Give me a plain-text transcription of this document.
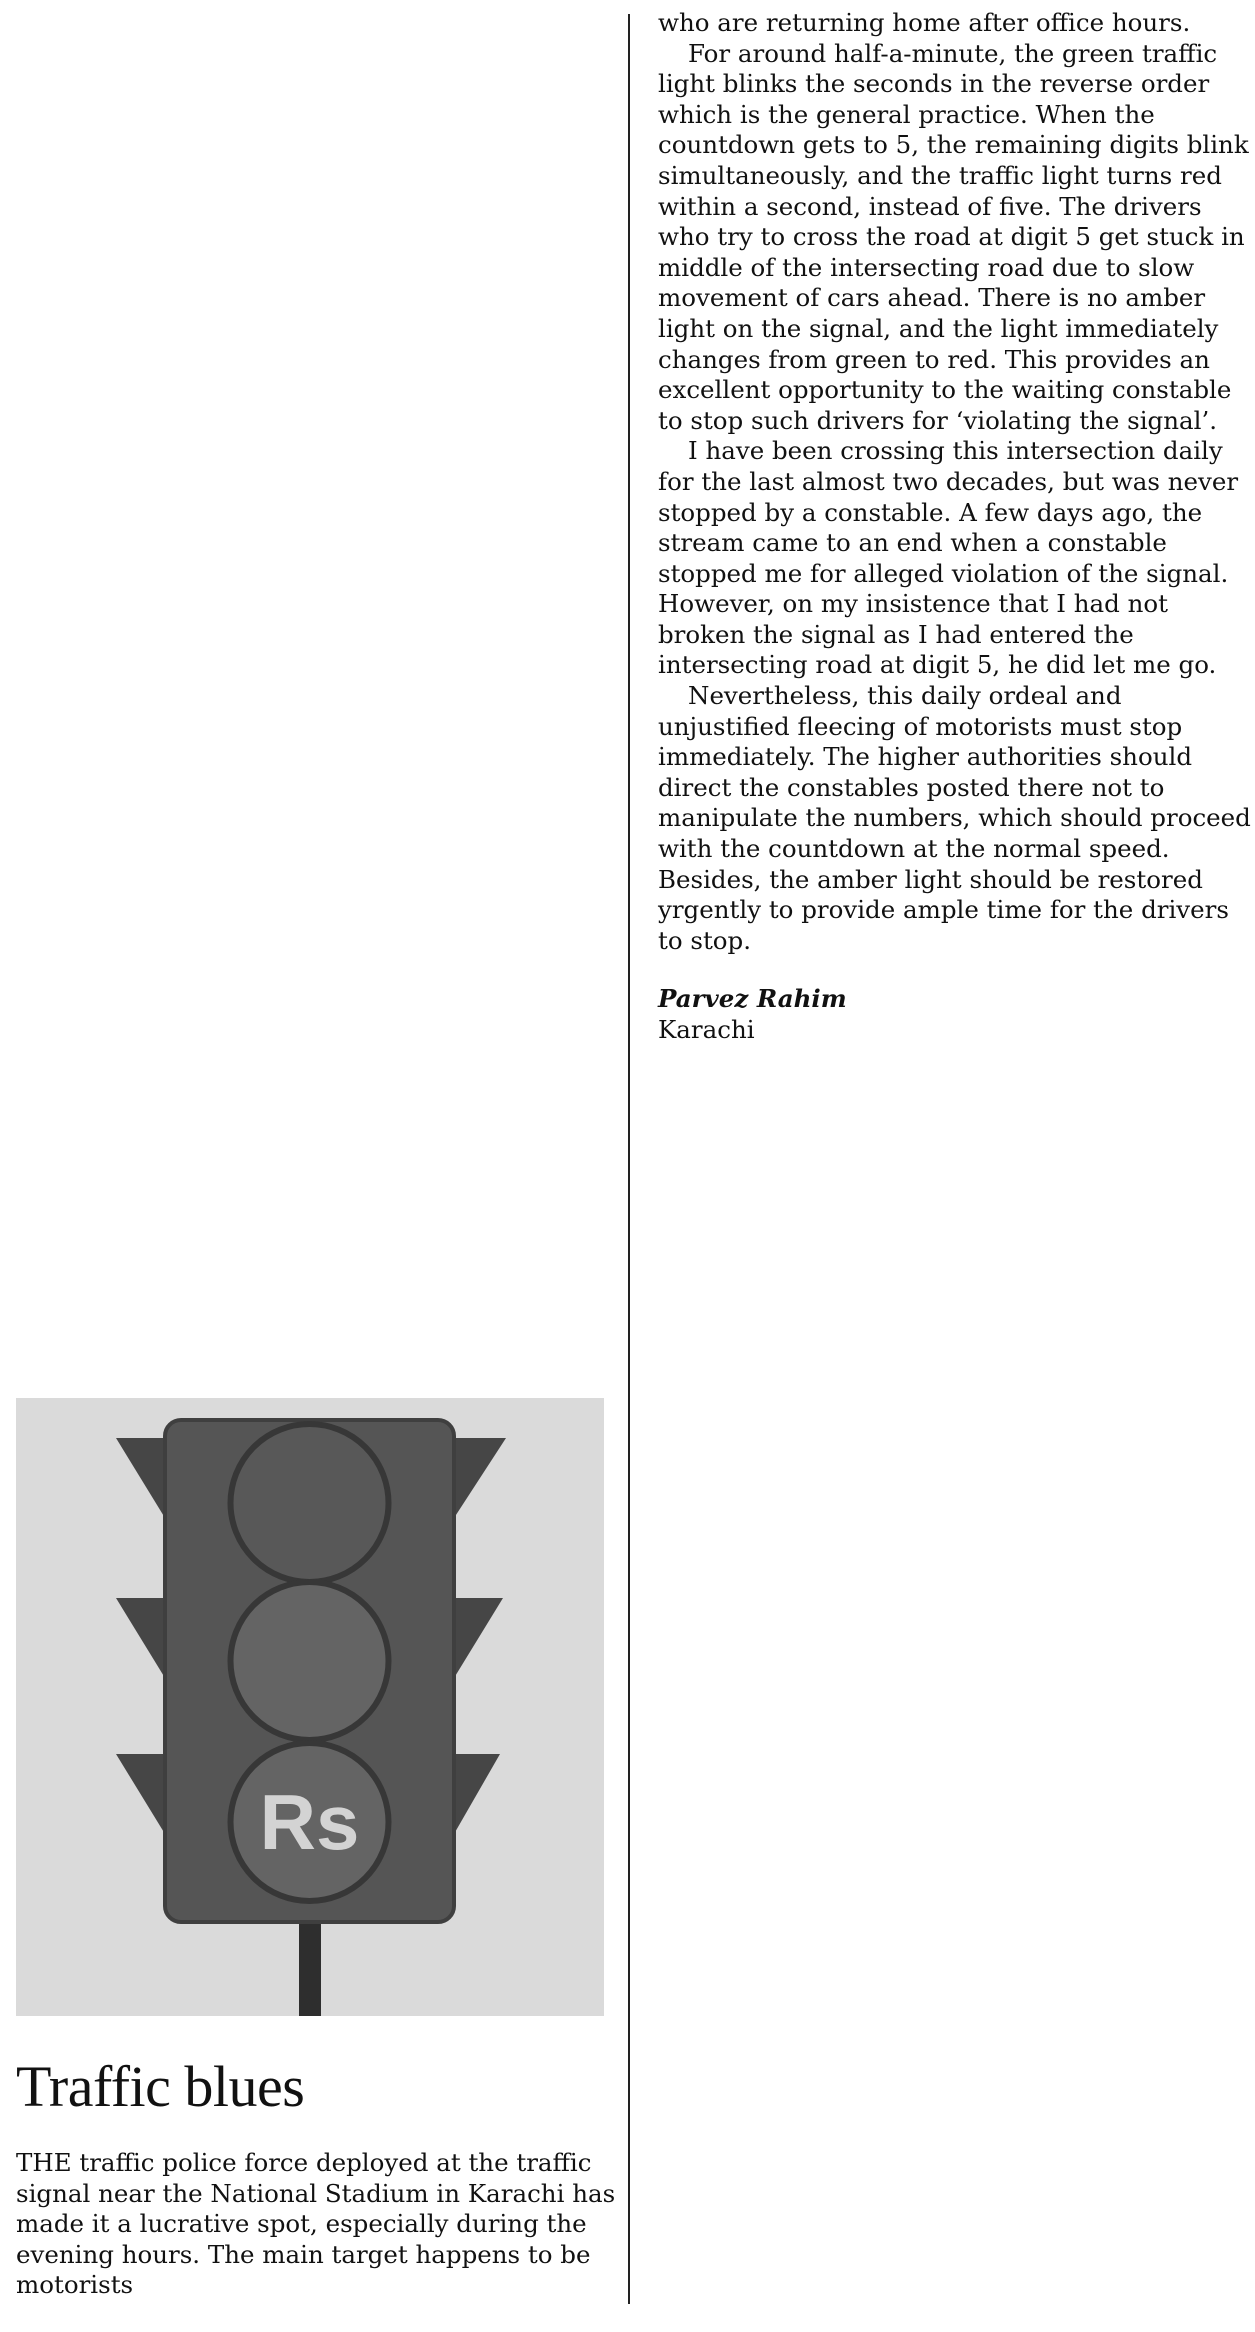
who are returning home after office hours.

For around half-a-minute, the green traffic light blinks the seconds in the reverse order which is the general practice. When the countdown gets to 5, the remaining digits blink simultaneously, and the traffic light turns red within a second, instead of five. The drivers who try to cross the road at digit 5 get stuck in middle of the intersecting road due to slow movement of cars ahead. There is no amber light on the signal, and the light immediately changes from green to red. This provides an excellent opportunity to the waiting constable to stop such drivers for ‘violating the signal’.

I have been crossing this intersection daily for the last almost two decades, but was never stopped by a constable. A few days ago, the stream came to an end when a constable stopped me for alleged violation of the signal. However, on my insistence that I had not broken the signal as I had entered the intersecting road at digit 5, he did let me go.

Nevertheless, this daily ordeal and unjustified fleecing of motorists must stop immediately. The higher authorities should direct the constables posted there not to manipulate the numbers, which should proceed with the countdown at the normal speed. Besides, the amber light should be restored yrgently to provide ample time for the drivers to stop.

Parvez Rahim
Karachi
Rs
Traffic blues

THE traffic police force deployed at the traffic signal near the National Stadium in Karachi has made it a lucrative spot, especially during the evening hours. The main target happens to be motorists
